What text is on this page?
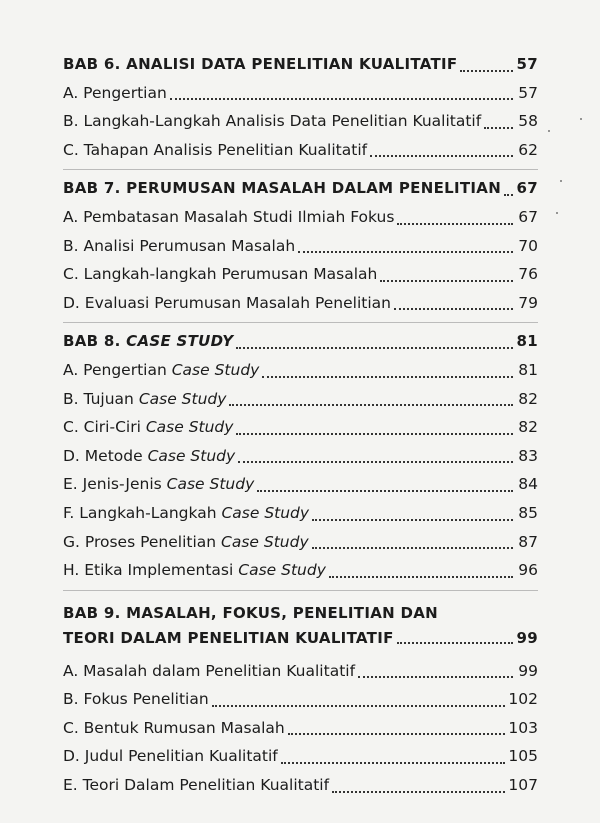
BAB 6. ANALISI DATA PENELITIAN KUALITATIF	57
A. Pengertian	57
B. Langkah-Langkah Analisis Data Penelitian Kualitatif 58
C. Tahapan Analisis Penelitian Kualitatif	62
BAB 7. PERUMUSAN MASALAH DALAM PENELITIAN 67
A. Pembatasan Masalah Studi Ilmiah Fokus	67
B. Analisi Perumusan Masalah	70
C. Langkah-langkah Perumusan Masalah	76
D. Evaluasi Perumusan Masalah Penelitian	79
BAB 8. CASE STUDY	81
A. Pengertian Case Study	81
B. Tujuan Case Study	82
C. Ciri-Ciri Case Study	82
D. Metode Case Study	83
E. Jenis-Jenis Case Study	84
F. Langkah-Langkah Case Study	85
G. Proses Penelitian Case Study	87
H. Etika Implementasi Case Study	96
BAB 9. MASALAH, FOKUS, PENELITIAN DAN
TEORI DALAM PENELITIAN KUALITATIF	99
A. Masalah dalam Penelitian Kualitatif	99
B. Fokus Penelitian	102
C. Bentuk Rumusan Masalah	103
D. Judul Penelitian Kualitatif	105
E. Teori Dalam Penelitian Kualitatif	107
